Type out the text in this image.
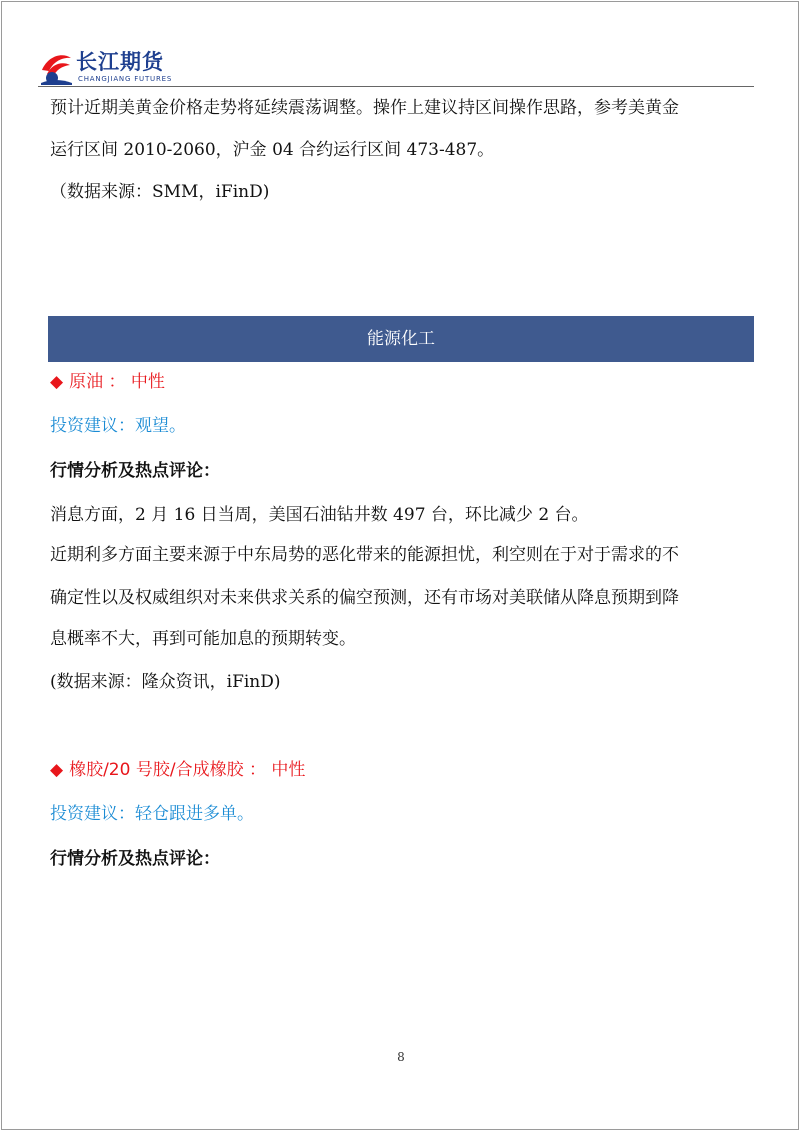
长江期货
CHANGJIANG FUTURES
预计近期美黄金价格走势将延续震荡调整。操作上建议持区间操作思路，参考美黄金
运行区间 2010-2060，沪金 04 合约运行区间 473-487。
（数据来源：SMM，iFinD)
能源化工
◆ 原油 ： 中性
投资建议：观望。
行情分析及热点评论：
消息方面，2 月 16 日当周，美国石油钻井数 497 台，环比减少 2 台。
近期利多方面主要来源于中东局势的恶化带来的能源担忧，利空则在于对于需求的不
确定性以及权威组织对未来供求关系的偏空预测，还有市场对美联储从降息预期到降
息概率不大，再到可能加息的预期转变。
(数据来源：隆众资讯，iFinD)
◆ 橡胶/20 号胶/合成橡胶 ： 中性
投资建议：轻仓跟进多单。
行情分析及热点评论：
8
